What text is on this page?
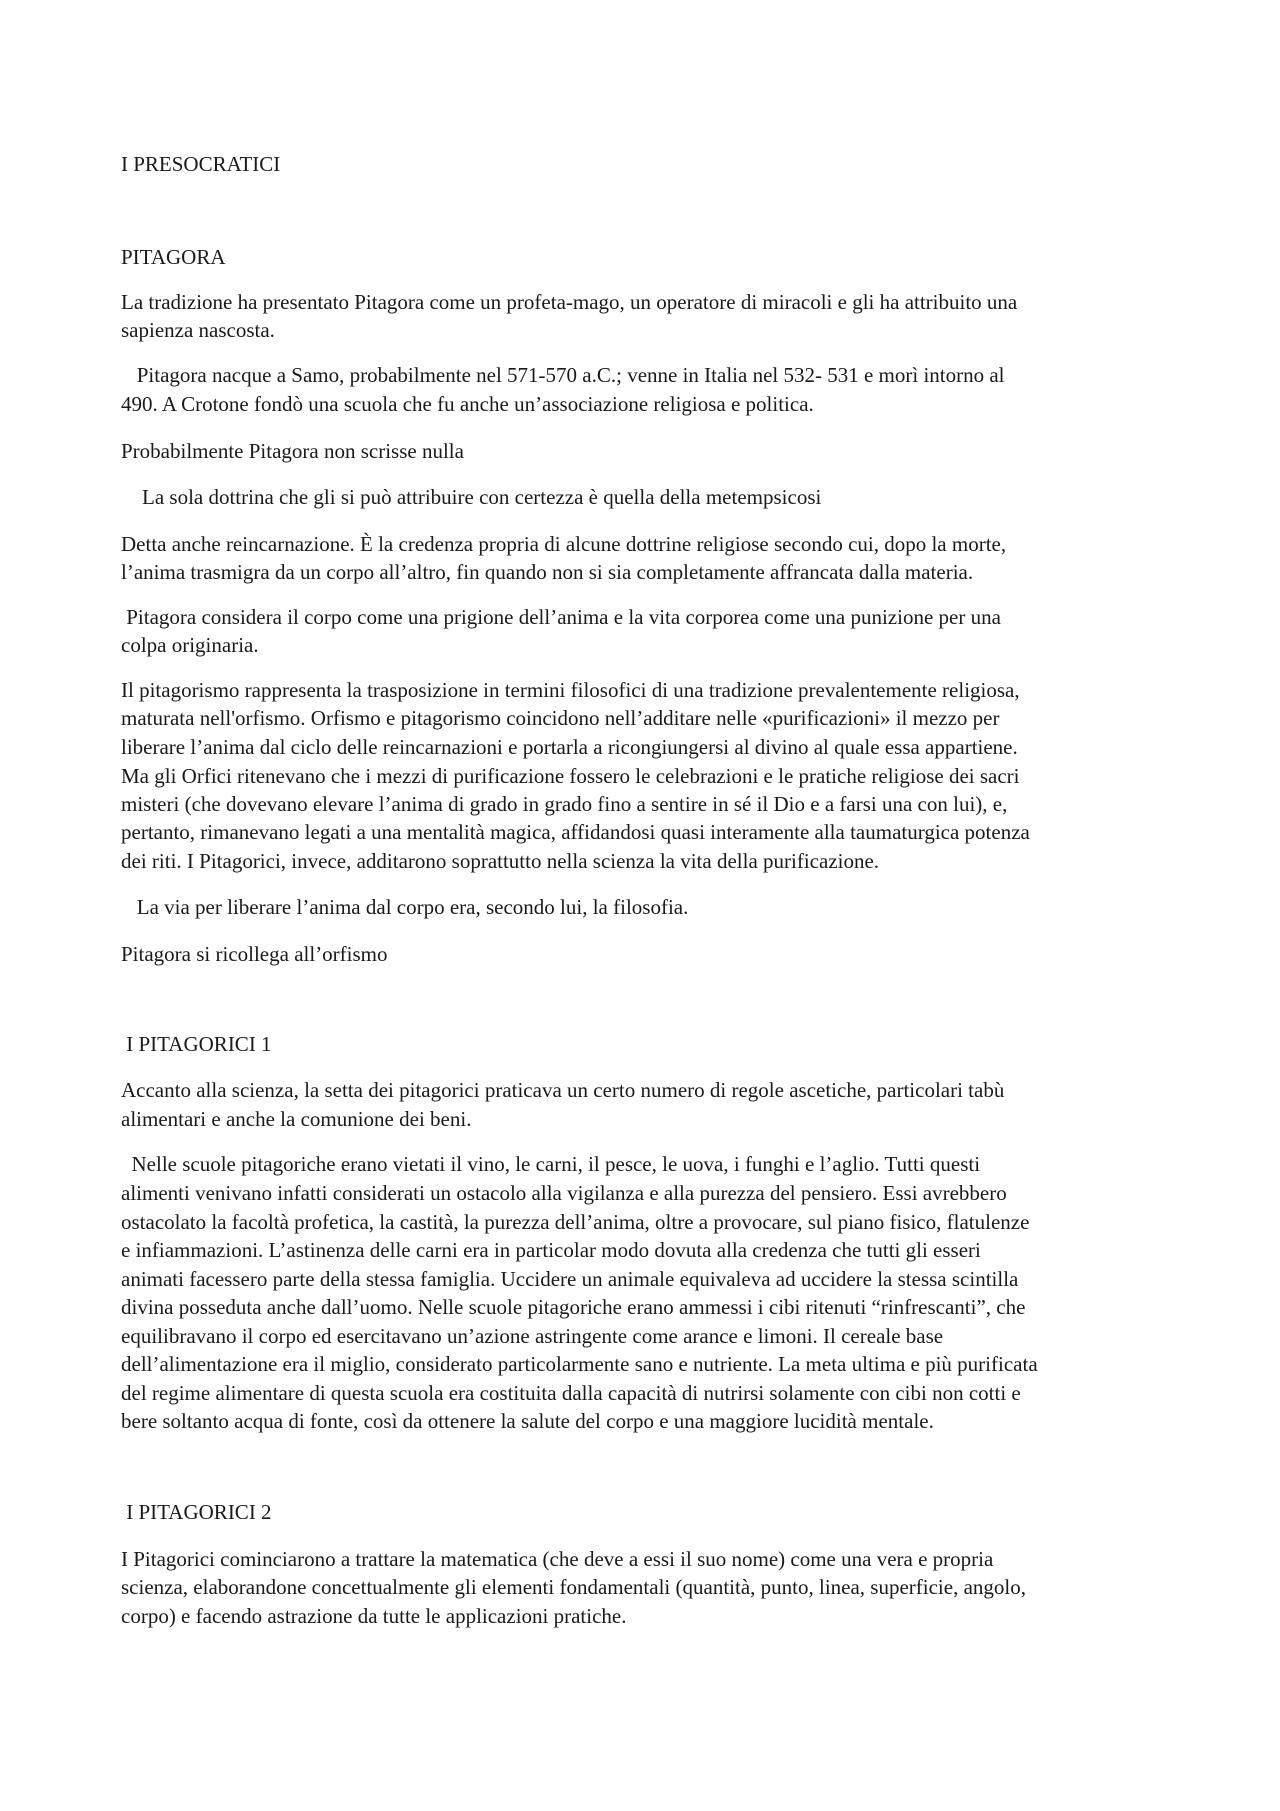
I PRESOCRATICI
PITAGORA
La tradizione ha presentato Pitagora come un profeta-mago, un operatore di miracoli e gli ha attribuito una
sapienza nascosta.
Pitagora nacque a Samo, probabilmente nel 571-570 a.C.; venne in Italia nel 532- 531 e morì intorno al
490. A Crotone fondò una scuola che fu anche un’associazione religiosa e politica.
Probabilmente Pitagora non scrisse nulla
La sola dottrina che gli si può attribuire con certezza è quella della metempsicosi
Detta anche reincarnazione. È la credenza propria di alcune dottrine religiose secondo cui, dopo la morte,
l’anima trasmigra da un corpo all’altro, fin quando non si sia completamente affrancata dalla materia.
Pitagora considera il corpo come una prigione dell’anima e la vita corporea come una punizione per una
colpa originaria.
Il pitagorismo rappresenta la trasposizione in termini filosofici di una tradizione prevalentemente religiosa,
maturata nell'orfismo. Orfismo e pitagorismo coincidono nell’additare nelle «purificazioni» il mezzo per
liberare l’anima dal ciclo delle reincarnazioni e portarla a ricongiungersi al divino al quale essa appartiene.
Ma gli Orfici ritenevano che i mezzi di purificazione fossero le celebrazioni e le pratiche religiose dei sacri
misteri (che dovevano elevare l’anima di grado in grado fino a sentire in sé il Dio e a farsi una con lui), e,
pertanto, rimanevano legati a una mentalità magica, affidandosi quasi interamente alla taumaturgica potenza
dei riti. I Pitagorici, invece, additarono soprattutto nella scienza la vita della purificazione.
La via per liberare l’anima dal corpo era, secondo lui, la filosofia.
Pitagora si ricollega all’orfismo
I PITAGORICI 1
Accanto alla scienza, la setta dei pitagorici praticava un certo numero di regole ascetiche, particolari tabù
alimentari e anche la comunione dei beni.
Nelle scuole pitagoriche erano vietati il vino, le carni, il pesce, le uova, i funghi e l’aglio. Tutti questi
alimenti venivano infatti considerati un ostacolo alla vigilanza e alla purezza del pensiero. Essi avrebbero
ostacolato la facoltà profetica, la castità, la purezza dell’anima, oltre a provocare, sul piano fisico, flatulenze
e infiammazioni. L’astinenza delle carni era in particolar modo dovuta alla credenza che tutti gli esseri
animati facessero parte della stessa famiglia. Uccidere un animale equivaleva ad uccidere la stessa scintilla
divina posseduta anche dall’uomo. Nelle scuole pitagoriche erano ammessi i cibi ritenuti “rinfrescanti”, che
equilibravano il corpo ed esercitavano un’azione astringente come arance e limoni. Il cereale base
dell’alimentazione era il miglio, considerato particolarmente sano e nutriente. La meta ultima e più purificata
del regime alimentare di questa scuola era costituita dalla capacità di nutrirsi solamente con cibi non cotti e
bere soltanto acqua di fonte, così da ottenere la salute del corpo e una maggiore lucidità mentale.
I PITAGORICI 2
I Pitagorici cominciarono a trattare la matematica (che deve a essi il suo nome) come una vera e propria
scienza, elaborandone concettualmente gli elementi fondamentali (quantità, punto, linea, superficie, angolo,
corpo) e facendo astrazione da tutte le applicazioni pratiche.
